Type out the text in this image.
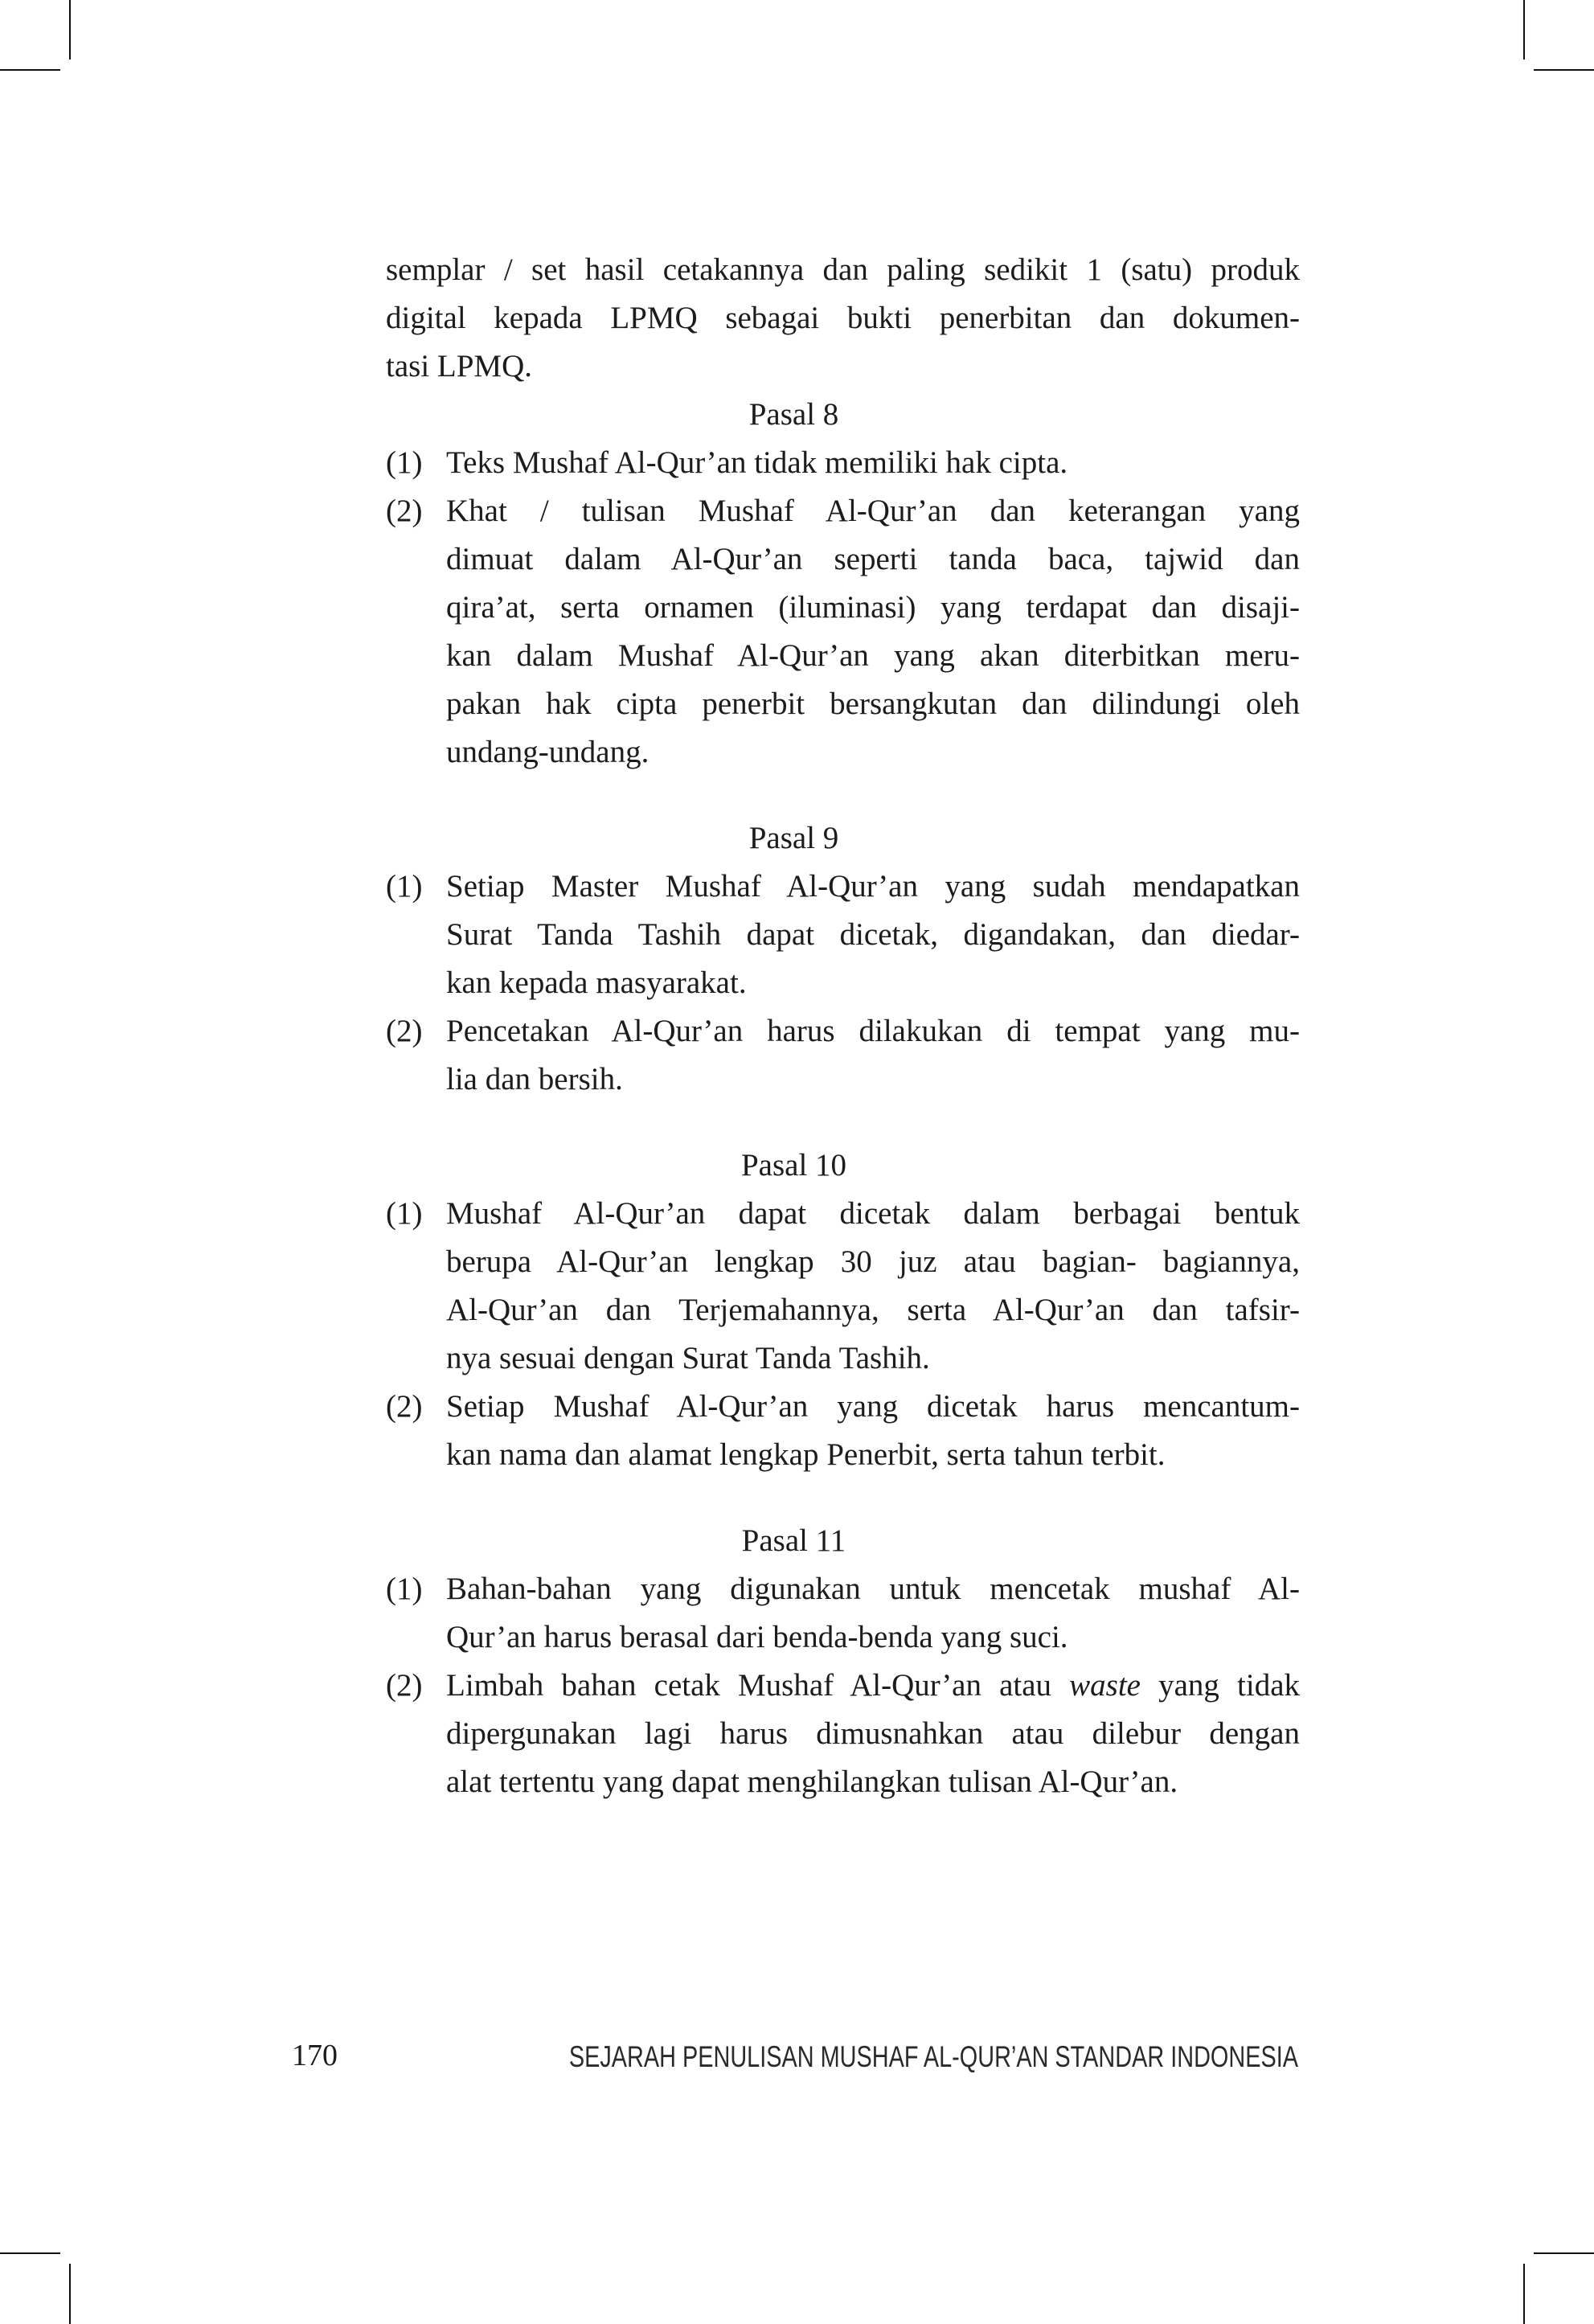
semplar / set hasil cetakannya dan paling sedikit 1 (satu) produk
digital kepada LPMQ sebagai bukti penerbitan dan dokumen-
tasi LPMQ.
Pasal 8
(1) Teks Mushaf Al-Qur’an tidak memiliki hak cipta.
(2) Khat / tulisan Mushaf Al-Qur’an dan keterangan yang
dimuat dalam Al-Qur’an seperti tanda baca, tajwid dan
qira’at, serta ornamen (iluminasi) yang terdapat dan disaji-
kan dalam Mushaf Al-Qur’an yang akan diterbitkan meru-
pakan hak cipta penerbit bersangkutan dan dilindungi oleh
undang-undang.
Pasal 9
(1) Setiap Master Mushaf Al-Qur’an yang sudah mendapatkan
Surat Tanda Tashih dapat dicetak, digandakan, dan diedar-
kan kepada masyarakat.
(2) Pencetakan Al-Qur’an harus dilakukan di tempat yang mu-
lia dan bersih.
Pasal 10
(1) Mushaf Al-Qur’an dapat dicetak dalam berbagai bentuk
berupa Al-Qur’an lengkap 30 juz atau bagian- bagiannya,
Al-Qur’an dan Terjemahannya, serta Al-Qur’an dan tafsir-
nya sesuai dengan Surat Tanda Tashih.
(2) Setiap Mushaf Al-Qur’an yang dicetak harus mencantum-
kan nama dan alamat lengkap Penerbit, serta tahun terbit.
Pasal 11
(1) Bahan-bahan yang digunakan untuk mencetak mushaf Al-
Qur’an harus berasal dari benda-benda yang suci.
(2) Limbah bahan cetak Mushaf Al-Qur’an atau waste yang tidak
dipergunakan lagi harus dimusnahkan atau dilebur dengan
alat tertentu yang dapat menghilangkan tulisan Al-Qur’an.
170	SEJARAH PENULISAN MUSHAF AL-QUR’AN STANDAR INDONESIA
